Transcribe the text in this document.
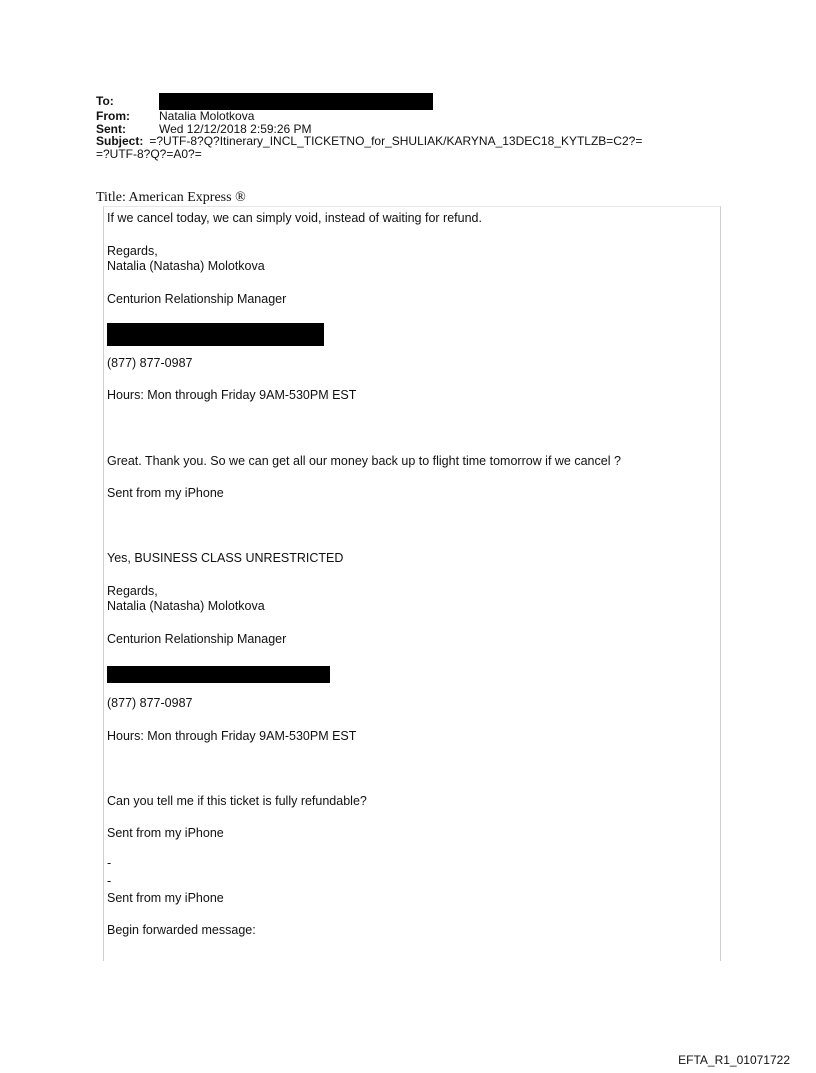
To:
From:	Natalia Molotkova
Sent:	Wed 12/12/2018 2:59:26 PM
Subject: =?UTF-8?Q?Itinerary_INCL_TICKETNO_for_SHULIAK/KARYNA_13DEC18_KYTLZB=C2?=
=?UTF-8?Q?=A0?=
Title: American Express ®
If we cancel today, we can simply void, instead of waiting for refund.
Regards,
Natalia (Natasha) Molotkova
Centurion Relationship Manager
(877) 877-0987
Hours: Mon through Friday 9AM-530PM EST
Great. Thank you. So we can get all our money back up to flight time tomorrow if we cancel ?
Sent from my iPhone
Yes, BUSINESS CLASS UNRESTRICTED
Regards,
Natalia (Natasha) Molotkova
Centurion Relationship Manager
(877) 877-0987
Hours: Mon through Friday 9AM-530PM EST
Can you tell me if this ticket is fully refundable?
Sent from my iPhone
-
-
Sent from my iPhone
Begin forwarded message:
EFTA_R1_01071722
